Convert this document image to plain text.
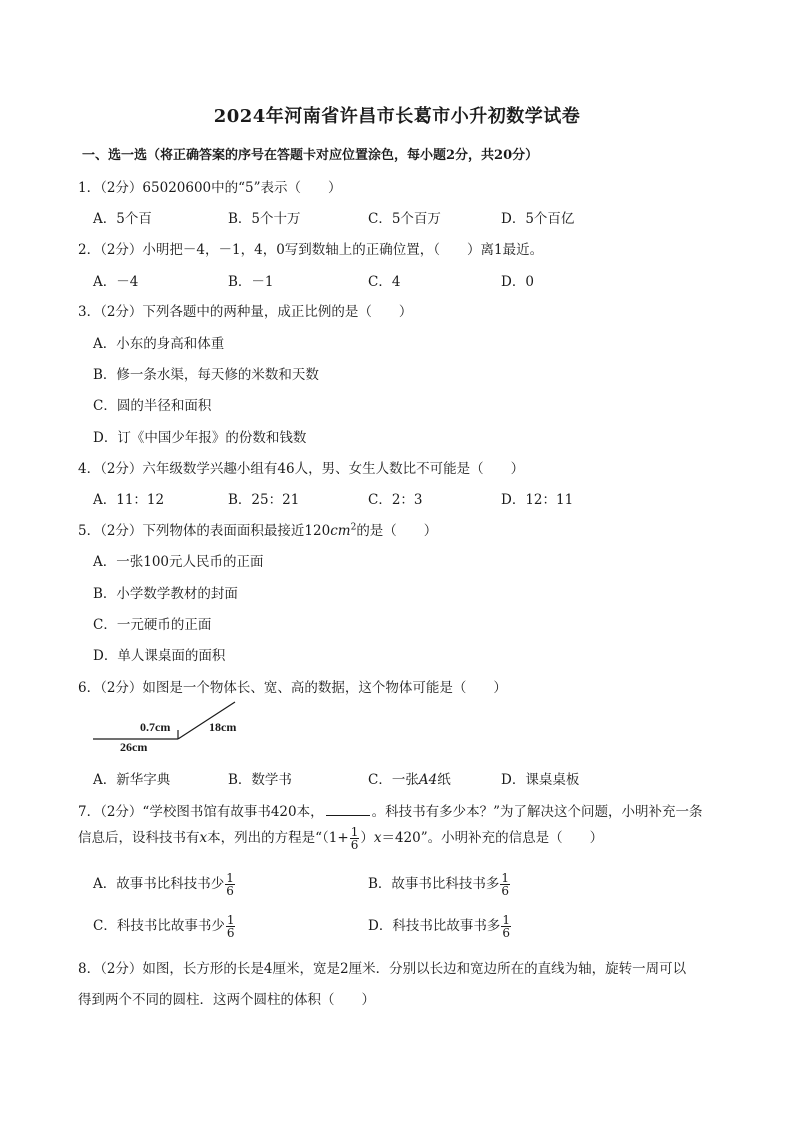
2024年河南省许昌市长葛市小升初数学试卷
一、选一选（将正确答案的序号在答题卡对应位置涂色，每小题2分，共20分）
1．（2分）65020600中的“5”表示（　　）
A．5个百	B．5个十万	C．5个百万	D．5个百亿
2．（2分）小明把－4，－1，4，0写到数轴上的正确位置，（　　）离1最近。
A．－4	B．－1	C．4	D．0
3．（2分）下列各题中的两种量，成正比例的是（　　）
A．小东的身高和体重
B．修一条水渠，每天修的米数和天数
C．圆的半径和面积
D．订《中国少年报》的份数和钱数
4．（2分）六年级数学兴趣小组有46人，男、女生人数比不可能是（　　）
A．11：12	B．25：21	C．2：3	D．12：11
5．（2分）下列物体的表面面积最接近$120cm^2$的是（　　）
A．一张100元人民币的正面
B．小学数学教材的封面
C．一元硬币的正面
D．单人课桌面的面积
6．（2分）如图是一个物体长、宽、高的数据，这个物体可能是（　　）
0.7cm	18cm
26cm
A．新华字典	B．数学书	C．一张A4纸	D．课桌桌板
7．（2分）“学校图书馆有故事书420本，	。科技书有多少本？”为了解决这个问题，小明补充一条
信息后，设科技书有x本，列出的方程是“$(1+ \frac{1}{6} )x=420$”。小明补充的信息是（　　）
A．故事书比科技书少 $\frac{1}{6}$	B．故事书比科技书多 $\frac{1}{6}$
C．科技书比故事书少 $\frac{1}{6}$	D．科技书比故事书多 $\frac{1}{6}$
8．（2分）如图，长方形的长是4厘米，宽是2厘米．分别以长边和宽边所在的直线为轴，旋转一周可以
得到两个不同的圆柱．这两个圆柱的体积（　　）
